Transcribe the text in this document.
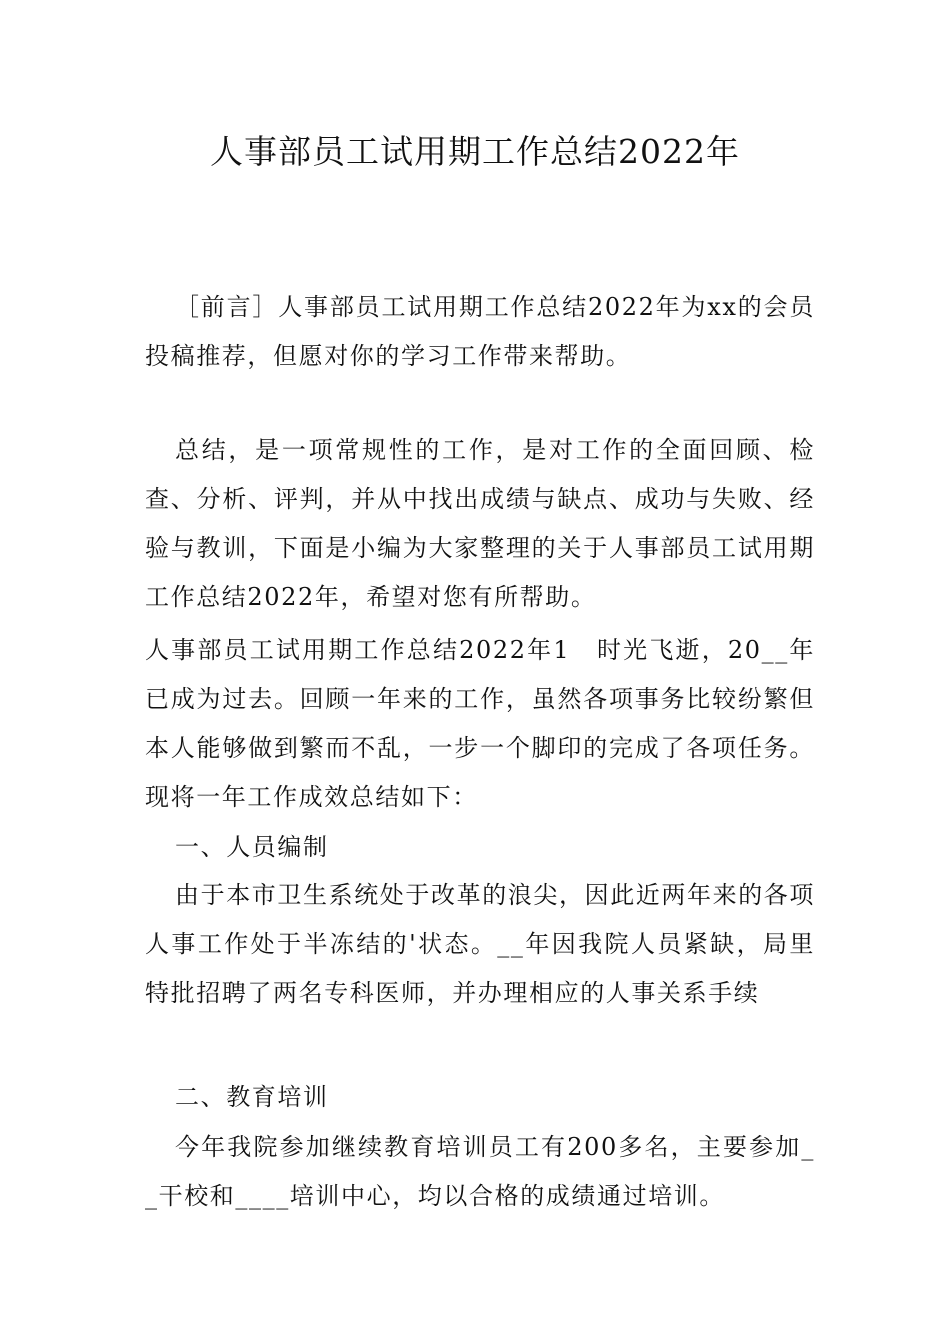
人事部员工试用期工作总结2022年

［前言］人事部员工试用期工作总结2022年为xx的会员投稿推荐，但愿对你的学习工作带来帮助。

总结，是一项常规性的工作，是对工作的全面回顾、检查、分析、评判，并从中找出成绩与缺点、成功与失败、经验与教训，下面是小编为大家整理的关于人事部员工试用期工作总结2022年，希望对您有所帮助。

人事部员工试用期工作总结2022年1　时光飞逝，20__年已成为过去。回顾一年来的工作，虽然各项事务比较纷繁但本人能够做到繁而不乱，一步一个脚印的完成了各项任务。现将一年工作成效总结如下：

一、人员编制

由于本市卫生系统处于改革的浪尖，因此近两年来的各项人事工作处于半冻结的'状态。__年因我院人员紧缺，局里特批招聘了两名专科医师，并办理相应的人事关系手续

二、教育培训

今年我院参加继续教育培训员工有200多名，主要参加__干校和____培训中心，均以合格的成绩通过培训。
